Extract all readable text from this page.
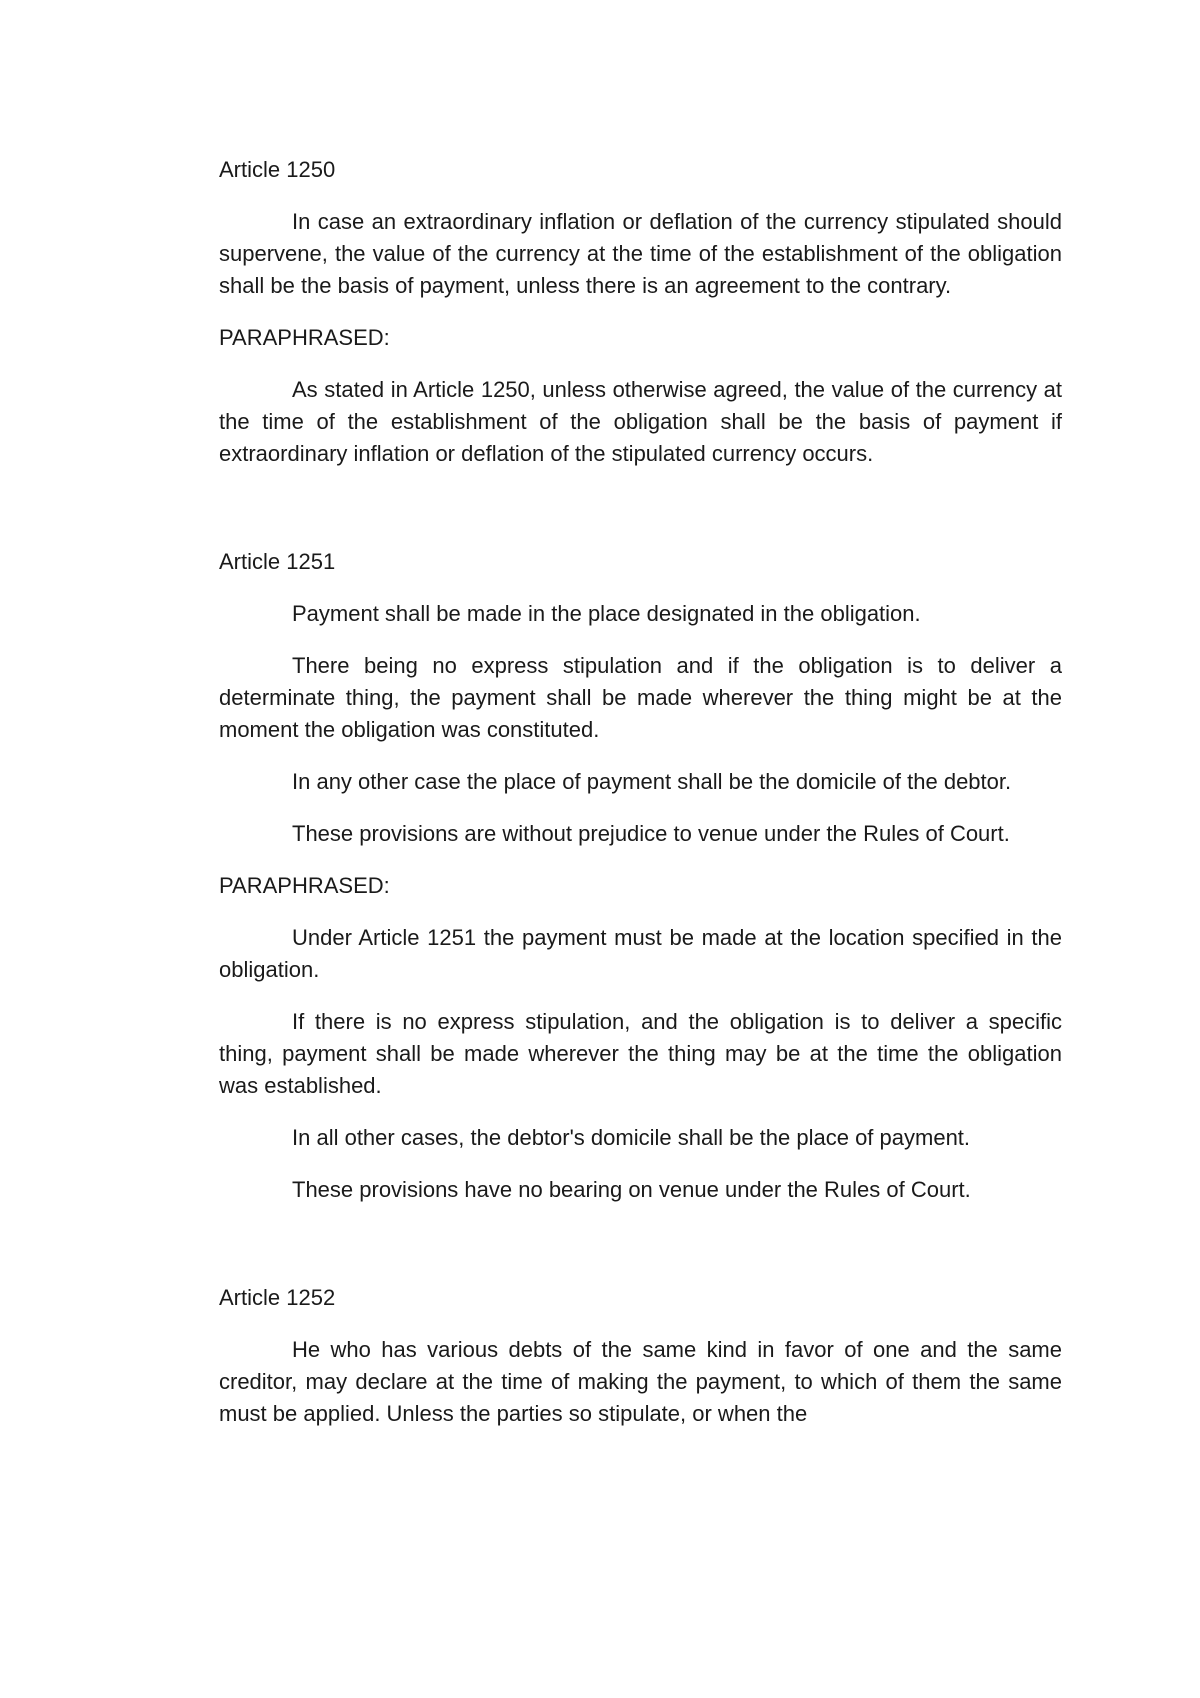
Article 1250

In case an extraordinary inflation or deflation of the currency stipulated should supervene, the value of the currency at the time of the establishment of the obligation shall be the basis of payment, unless there is an agreement to the contrary.

PARAPHRASED:

As stated in Article 1250, unless otherwise agreed, the value of the currency at the time of the establishment of the obligation shall be the basis of payment if extraordinary inflation or deflation of the stipulated currency occurs.

Article 1251

Payment shall be made in the place designated in the obligation.

There being no express stipulation and if the obligation is to deliver a determinate thing, the payment shall be made wherever the thing might be at the moment the obligation was constituted.

In any other case the place of payment shall be the domicile of the debtor.

These provisions are without prejudice to venue under the Rules of Court.

PARAPHRASED:

Under Article 1251 the payment must be made at the location specified in the obligation.

If there is no express stipulation, and the obligation is to deliver a specific thing, payment shall be made wherever the thing may be at the time the obligation was established.

In all other cases, the debtor's domicile shall be the place of payment.

These provisions have no bearing on venue under the Rules of Court.

Article 1252

He who has various debts of the same kind in favor of one and the same creditor, may declare at the time of making the payment, to which of them the same must be applied. Unless the parties so stipulate, or when the
